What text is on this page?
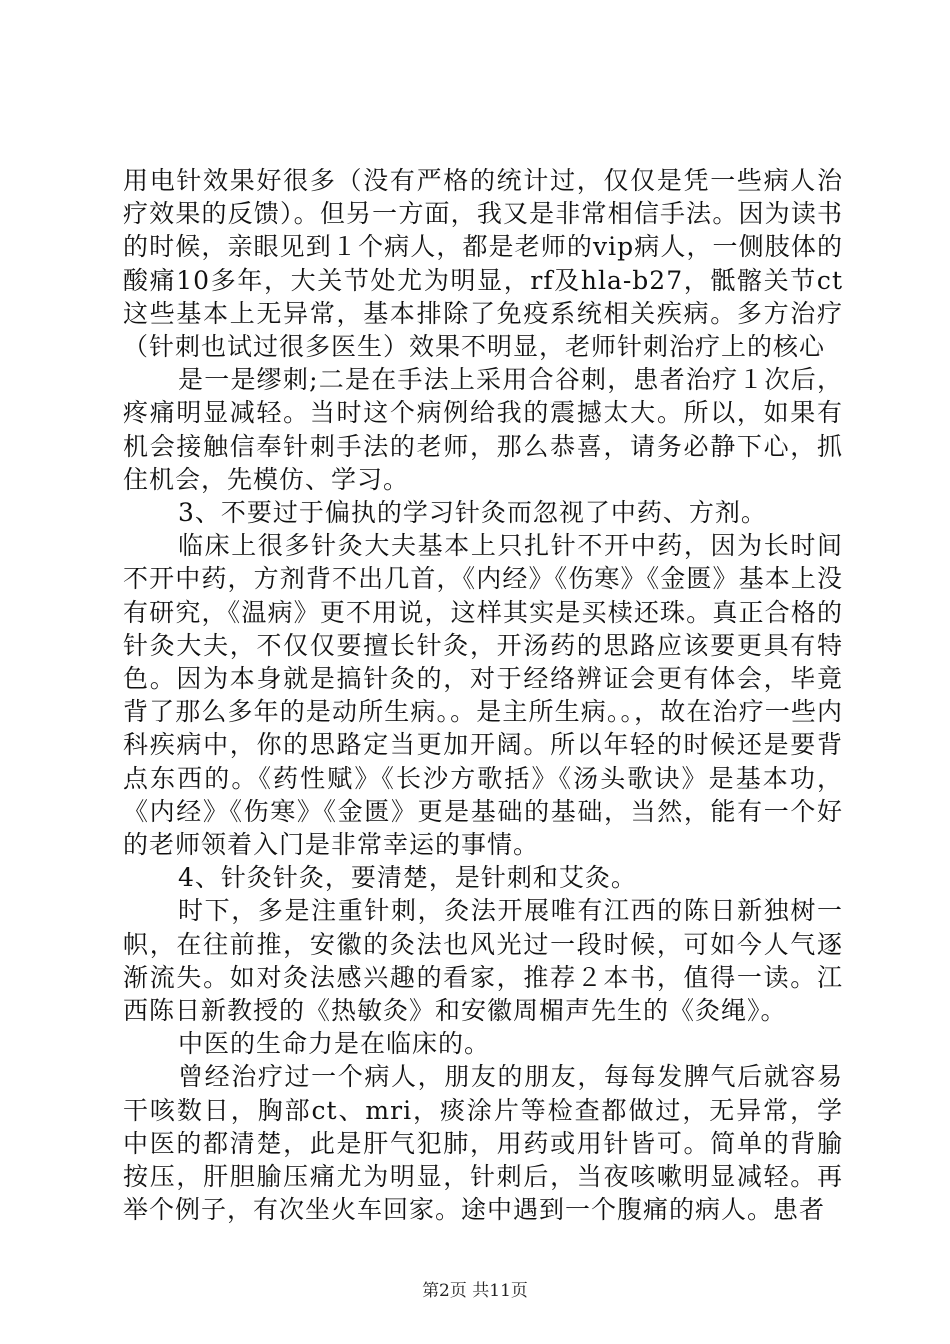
用电针效果好很多（没有严格的统计过，仅仅是凭一些病人治疗效果的反馈）。但另一方面，我又是非常相信手法。因为读书的时候，亲眼见到１个病人，都是老师的vip病人，一侧肢体的酸痛10多年，大关节处尤为明显，rf及hla-b27，骶髂关节ct这些基本上无异常，基本排除了免疫系统相关疾病。多方治疗（针刺也试过很多医生）效果不明显，老师针刺治疗上的核心

是一是缪刺;二是在手法上采用合谷刺，患者治疗１次后，疼痛明显减轻。当时这个病例给我的震撼太大。所以，如果有机会接触信奉针刺手法的老师，那么恭喜，请务必静下心，抓住机会，先模仿、学习。

3、不要过于偏执的学习针灸而忽视了中药、方剂。

临床上很多针灸大夫基本上只扎针不开中药，因为长时间不开中药，方剂背不出几首，《内经》《伤寒》《金匮》基本上没有研究，《温病》更不用说，这样其实是买椟还珠。真正合格的针灸大夫，不仅仅要擅长针灸，开汤药的思路应该要更具有特色。因为本身就是搞针灸的，对于经络辨证会更有体会，毕竟背了那么多年的是动所生病。。是主所生病。。，故在治疗一些内科疾病中，你的思路定当更加开阔。所以年轻的时候还是要背点东西的。《药性赋》《长沙方歌括》《汤头歌诀》是基本功，《内经》《伤寒》《金匮》更是基础的基础，当然，能有一个好的老师领着入门是非常幸运的事情。

4、针灸针灸，要清楚，是针刺和艾灸。

时下，多是注重针刺，灸法开展唯有江西的陈日新独树一帜，在往前推，安徽的灸法也风光过一段时候，可如今人气逐渐流失。如对灸法感兴趣的看家，推荐２本书，值得一读。江西陈日新教授的《热敏灸》和安徽周楣声先生的《灸绳》。

中医的生命力是在临床的。

曾经治疗过一个病人，朋友的朋友，每每发脾气后就容易干咳数日，胸部ct、mri，痰涂片等检查都做过，无异常，学中医的都清楚，此是肝气犯肺，用药或用针皆可。简单的背腧按压，肝胆腧压痛尤为明显，针刺后，当夜咳嗽明显减轻。再举个例子，有次坐火车回家。途中遇到一个腹痛的病人。患者

第2页 共11页
